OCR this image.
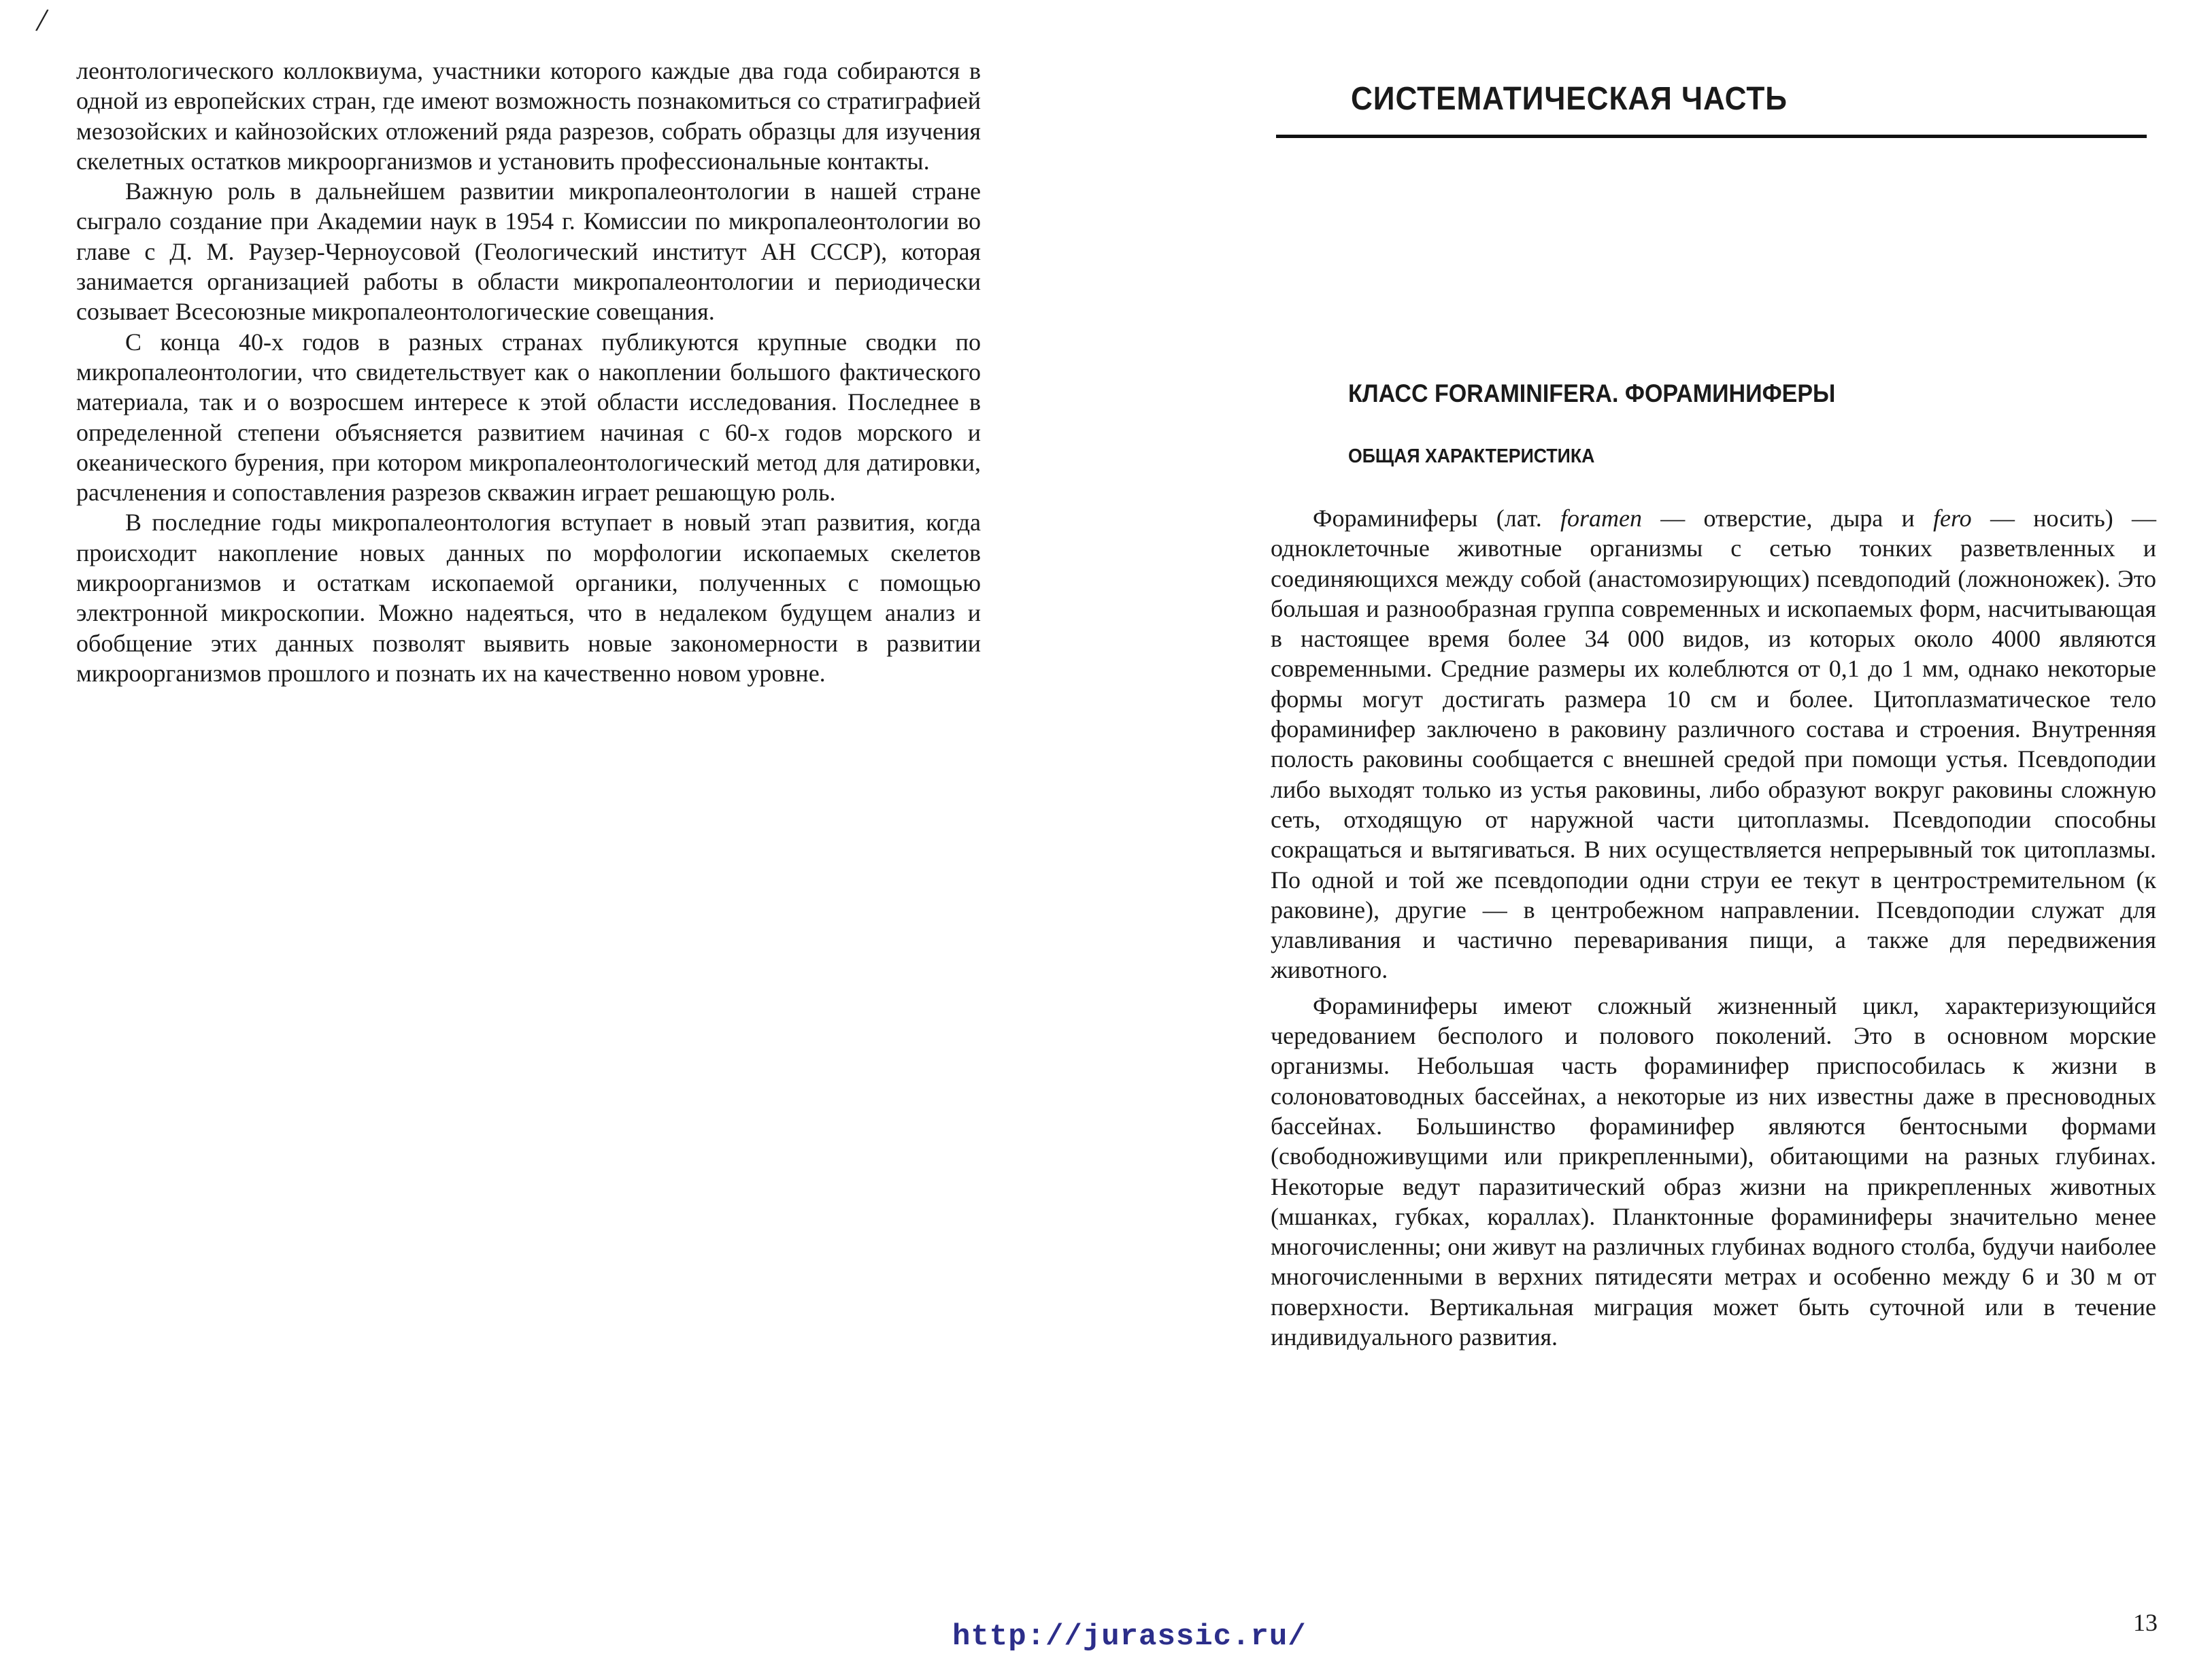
/

леонтологического коллоквиума, участники которого каждые два года собираются в одной из европейских стран, где имеют возможность познакомиться со стратиграфией мезозойских и кайнозойских отложений ряда разрезов, собрать образцы для изучения скелетных остатков микроорганизмов и установить профессиональные контакты.

Важную роль в дальнейшем развитии микропалеонтологии в нашей стране сыграло создание при Академии наук в 1954 г. Комиссии по микропалеонтологии во главе с Д. М. Раузер-Черноусовой (Геологический институт АН СССР), которая занимается организацией работы в области микропалеонтологии и периодически созывает Всесоюзные микропалеонтологические совещания.

С конца 40-х годов в разных странах публикуются крупные сводки по микропалеонтологии, что свидетельствует как о накоплении большого фактического материала, так и о возросшем интересе к этой области исследования. Последнее в определенной степени объясняется развитием начиная с 60-х годов морского и океанического бурения, при котором микропалеонтологический метод для датировки, расчленения и сопоставления разрезов скважин играет решающую роль.

В последние годы микропалеонтология вступает в новый этап развития, когда происходит накопление новых данных по морфологии ископаемых скелетов микроорганизмов и остаткам ископаемой органики, полученных с помощью электронной микроскопии. Можно надеяться, что в недалеком будущем анализ и обобщение этих данных позволят выявить новые закономерности в развитии микроорганизмов прошлого и познать их на качественно новом уровне.

СИСТЕМАТИЧЕСКАЯ ЧАСТЬ
КЛАСС FORAMINIFERA. ФОРАМИНИФЕРЫ
ОБЩАЯ ХАРАКТЕРИСТИКА

Фораминиферы (лат. foramen — отверстие, дыра и fero — носить) — одноклеточные животные организмы с сетью тонких разветвленных и соединяющихся между собой (анастомозирующих) псевдоподий (ложноножек). Это большая и разнообразная группа современных и ископаемых форм, насчитывающая в настоящее время более 34 000 видов, из которых около 4000 являются современными. Средние размеры их колеблются от 0,1 до 1 мм, однако некоторые формы могут достигать размера 10 см и более. Цитоплазматическое тело фораминифер заключено в раковину различного состава и строения. Внутренняя полость раковины сообщается с внешней средой при помощи устья. Псевдоподии либо выходят только из устья раковины, либо образуют вокруг раковины сложную сеть, отходящую от наружной части цитоплазмы. Псевдоподии способны сокращаться и вытягиваться. В них осуществляется непрерывный ток цитоплазмы. По одной и той же псевдоподии одни струи ее текут в центростремительном (к раковине), другие — в центробежном направлении. Псевдоподии служат для улавливания и частично переваривания пищи, а также для передвижения животного.

Фораминиферы имеют сложный жизненный цикл, характеризующийся чередованием бесполого и полового поколений. Это в основном морские организмы. Небольшая часть фораминифер приспособилась к жизни в солоноватоводных бассейнах, а некоторые из них известны даже в пресноводных бассейнах. Большинство фораминифер являются бентосными формами (свободноживущими или прикрепленными), обитающими на разных глубинах. Некоторые ведут паразитический образ жизни на прикрепленных животных (мшанках, губках, кораллах). Планктонные фораминиферы значительно менее многочисленны; они живут на различных глубинах водного столба, будучи наиболее многочисленными в верхних пятидесяти метрах и особенно между 6 и 30 м от поверхности. Вертикальная миграция может быть суточной или в течение индивидуального развития.

13
http://jurassic.ru/
